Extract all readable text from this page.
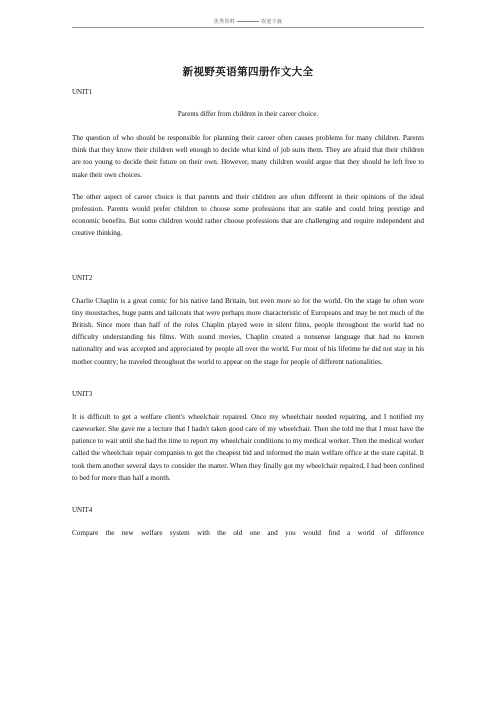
优秀资料	欢迎下载
新视野英语第四册作文大全
UNIT1
Parents differ from children in their career choice.

The question of who should be responsible for planning their career often causes problems for many children. Parents think that they know their children well enough to decide what kind of job suits them. They are afraid that their children are too young to decide their future on their own. However, many children would argue that they should be left free to make their own choices.

The other aspect of career choice is that parents and their children are often different in their opinions of the ideal profession. Parents would prefer children to choose some professions that are stable and could bring prestige and economic benefits. But some children would rather choose professions that are challenging and require independent and creative thinking.

UNIT2

Charlie Chaplin is a great comic for his native land Britain, but even more so for the world. On the stage he often wore tiny moustaches, huge pants and tailcoats that were perhaps more characteristic of Europeans and may be not much of the British. Since more than half of the roles Chaplin played were in silent films, people throughout the world had no difficulty understanding his films. With sound movies, Chaplin created a nonsense language that had no known nationality and was accepted and appreciated by people all over the world. For most of his lifetime he did not stay in his mother country; he traveled throughout the world to appear on the stage for people of different nationalities.

UNIT3

It is difficult to get a welfare client's wheelchair repaired. Once my wheelchair needed repairing, and I notified my caseworker. She gave me a lecture that I hadn't taken good care of my wheelchair. Then she told me that I must have the patience to wait until she had the time to report my wheelchair conditions to my medical worker. Then the medical worker called the wheelchair repair companies to get the cheapest bid and informed the main welfare office at the state capital. It took them another several days to consider the matter. When they finally got my wheelchair repaired, I had been confined to bed for more than half a month.

UNIT4

Compare the new welfare system with the old one and you would find a world of difference
